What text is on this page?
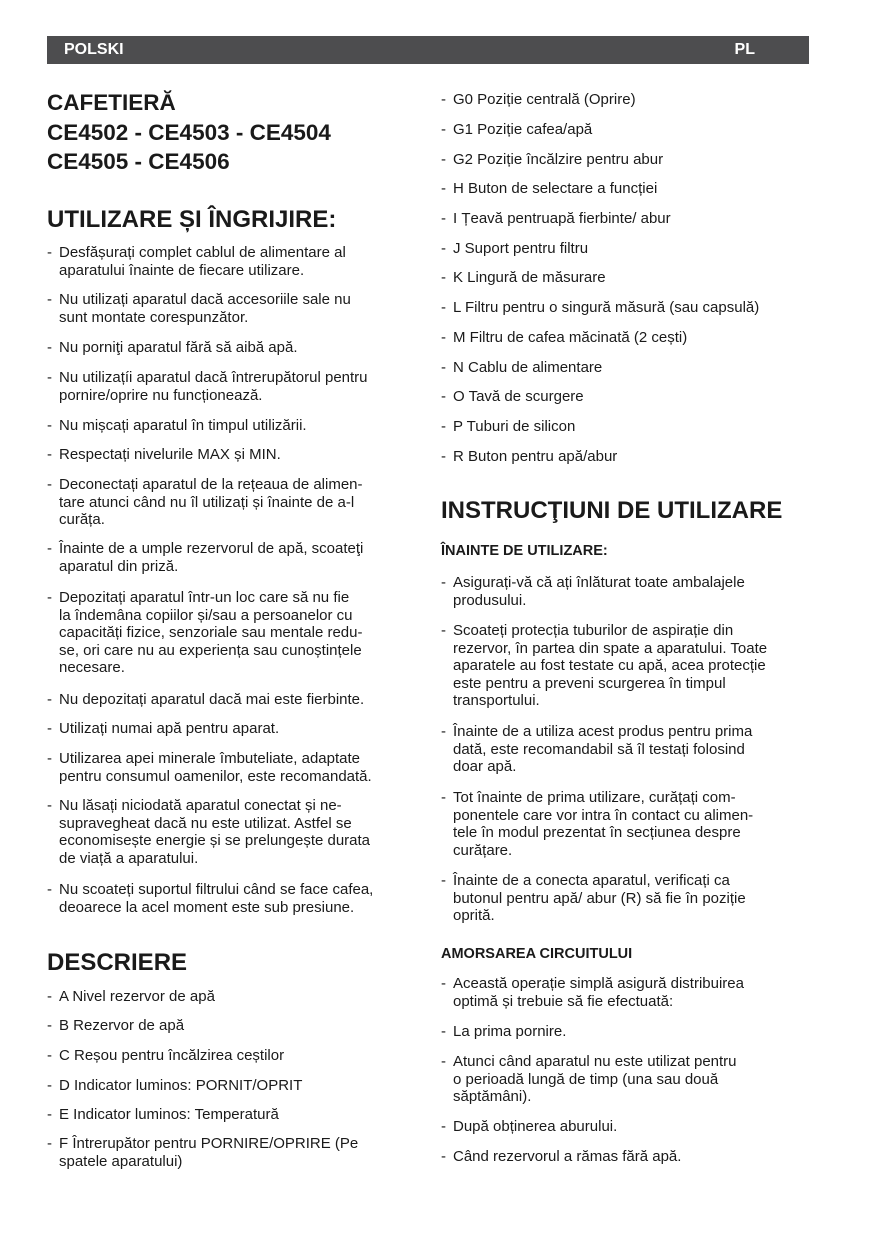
POLSKI	PL
CAFETIERĂ
CE4502 - CE4503 - CE4504
CE4505 - CE4506
UTILIZARE ȘI ÎNGRIJIRE:
- Desfășurați complet cablul de alimentare al
aparatului înainte de fiecare utilizare.
- Nu utilizați aparatul dacă accesoriile sale nu
sunt montate corespunzător.
- Nu porniţi aparatul fără să aibă apă.
- Nu utilizațíi aparatul dacă întrerupătorul pentru
pornire/oprire nu funcționează.
- Nu mișcați aparatul în timpul utilizării.
- Respectați nivelurile MAX și MIN.
- Deconectați aparatul de la rețeaua de alimen-
tare atunci când nu îl utilizați și înainte de a-l
curăța.
- Înainte de a umple rezervorul de apă, scoateţi
aparatul din priză.
- Depozitați aparatul într-un loc care să nu fie
la îndemâna copiilor și/sau a persoanelor cu
capacități fizice, senzoriale sau mentale redu-
se, ori care nu au experiența sau cunoștințele
necesare.
- Nu depozitați aparatul dacă mai este fierbinte.
- Utilizați numai apă pentru aparat.
- Utilizarea apei minerale îmbuteliate, adaptate
pentru consumul oamenilor, este recomandată.
- Nu lăsați niciodată aparatul conectat și ne-
supravegheat dacă nu este utilizat. Astfel se
economisește energie și se prelungește durata
de viață a aparatului.
- Nu scoateți suportul filtrului când se face cafea,
deoarece la acel moment este sub presiune.
DESCRIERE
- A Nivel rezervor de apă
- B Rezervor de apă
- C Reșou pentru încălzirea ceștilor
- D Indicator luminos: PORNIT/OPRIT
- E Indicator luminos: Temperatură
- F Întrerupător pentru PORNIRE/OPRIRE (Pe
spatele aparatului)
- G0 Poziție centrală (Oprire)
- G1 Poziție cafea/apă
- G2 Poziție încălzire pentru abur
- H Buton de selectare a funcției
- I Țeavă pentruapă fierbinte/ abur
- J Suport pentru filtru
- K Lingură de măsurare
- L Filtru pentru o singură măsură (sau capsulă)
- M Filtru de cafea măcinată (2 cești)
- N Cablu de alimentare
- O Tavă de scurgere
- P Tuburi de silicon
- R Buton pentru apă/abur
INSTRUCŢIUNI DE UTILIZARE
ÎNAINTE DE UTILIZARE:
- Asigurați-vă că ați înlăturat toate ambalajele
produsului.
- Scoateți protecția tuburilor de aspirație din
rezervor, în partea din spate a aparatului. Toate
aparatele au fost testate cu apă, acea protecție
este pentru a preveni scurgerea în timpul
transportului.
- Înainte de a utiliza acest produs pentru prima
dată, este recomandabil să îl testați folosind
doar apă.
- Tot înainte de prima utilizare, curățați com-
ponentele care vor intra în contact cu alimen-
tele în modul prezentat în secțiunea despre
curățare.
- Înainte de a conecta aparatul, verificați ca
butonul pentru apă/ abur (R) să fie în poziție
oprită.
AMORSAREA CIRCUITULUI
- Această operație simplă asigură distribuirea
optimă și trebuie să fie efectuată:
- La prima pornire.
- Atunci când aparatul nu este utilizat pentru
o perioadă lungă de timp (una sau două
săptămâni).
- După obținerea aburului.
- Când rezervorul a rămas fără apă.
